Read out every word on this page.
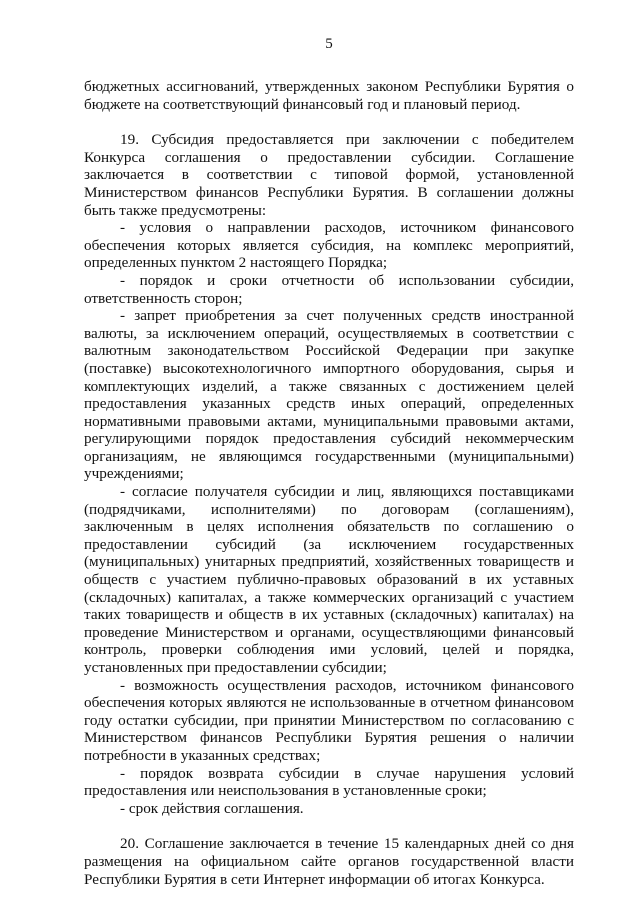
5

бюджетных ассигнований, утвержденных законом Республики Бурятия о бюджете на соответствующий финансовый год и плановый период.

19. Субсидия предоставляется при заключении с победителем Конкурса соглашения о предоставлении субсидии. Соглашение заключается в соответствии с типовой формой, установленной Министерством финансов Республики Бурятия. В соглашении должны быть также предусмотрены:

- условия о направлении расходов, источником финансового обеспечения которых является субсидия, на комплекс мероприятий, определенных пунктом 2 настоящего Порядка;

- порядок и сроки отчетности об использовании субсидии, ответственность сторон;

- запрет приобретения за счет полученных средств иностранной валюты, за исключением операций, осуществляемых в соответствии с валютным законодательством Российской Федерации при закупке (поставке) высокотехнологичного импортного оборудования, сырья и комплектующих изделий, а также связанных с достижением целей предоставления указанных средств иных операций, определенных нормативными правовыми актами, муниципальными правовыми актами, регулирующими порядок предоставления субсидий некоммерческим организациям, не являющимся государственными (муниципальными) учреждениями;

- согласие получателя субсидии и лиц, являющихся поставщиками (подрядчиками, исполнителями) по договорам (соглашениям), заключенным в целях исполнения обязательств по соглашению о предоставлении субсидий (за исключением государственных (муниципальных) унитарных предприятий, хозяйственных товариществ и обществ с участием публично-правовых образований в их уставных (складочных) капиталах, а также коммерческих организаций с участием таких товариществ и обществ в их уставных (складочных) капиталах) на проведение Министерством и органами, осуществляющими финансовый контроль, проверки соблюдения ими условий, целей и порядка, установленных при предоставлении субсидии;

- возможность осуществления расходов, источником финансового обеспечения которых являются не использованные в отчетном финансовом году остатки субсидии, при принятии Министерством по согласованию с Министерством финансов Республики Бурятия решения о наличии потребности в указанных средствах;

- порядок возврата субсидии в случае нарушения условий предоставления или неиспользования в установленные сроки;

- срок действия соглашения.

20. Соглашение заключается в течение 15 календарных дней со дня размещения на официальном сайте органов государственной власти Республики Бурятия в сети Интернет информации об итогах Конкурса.
